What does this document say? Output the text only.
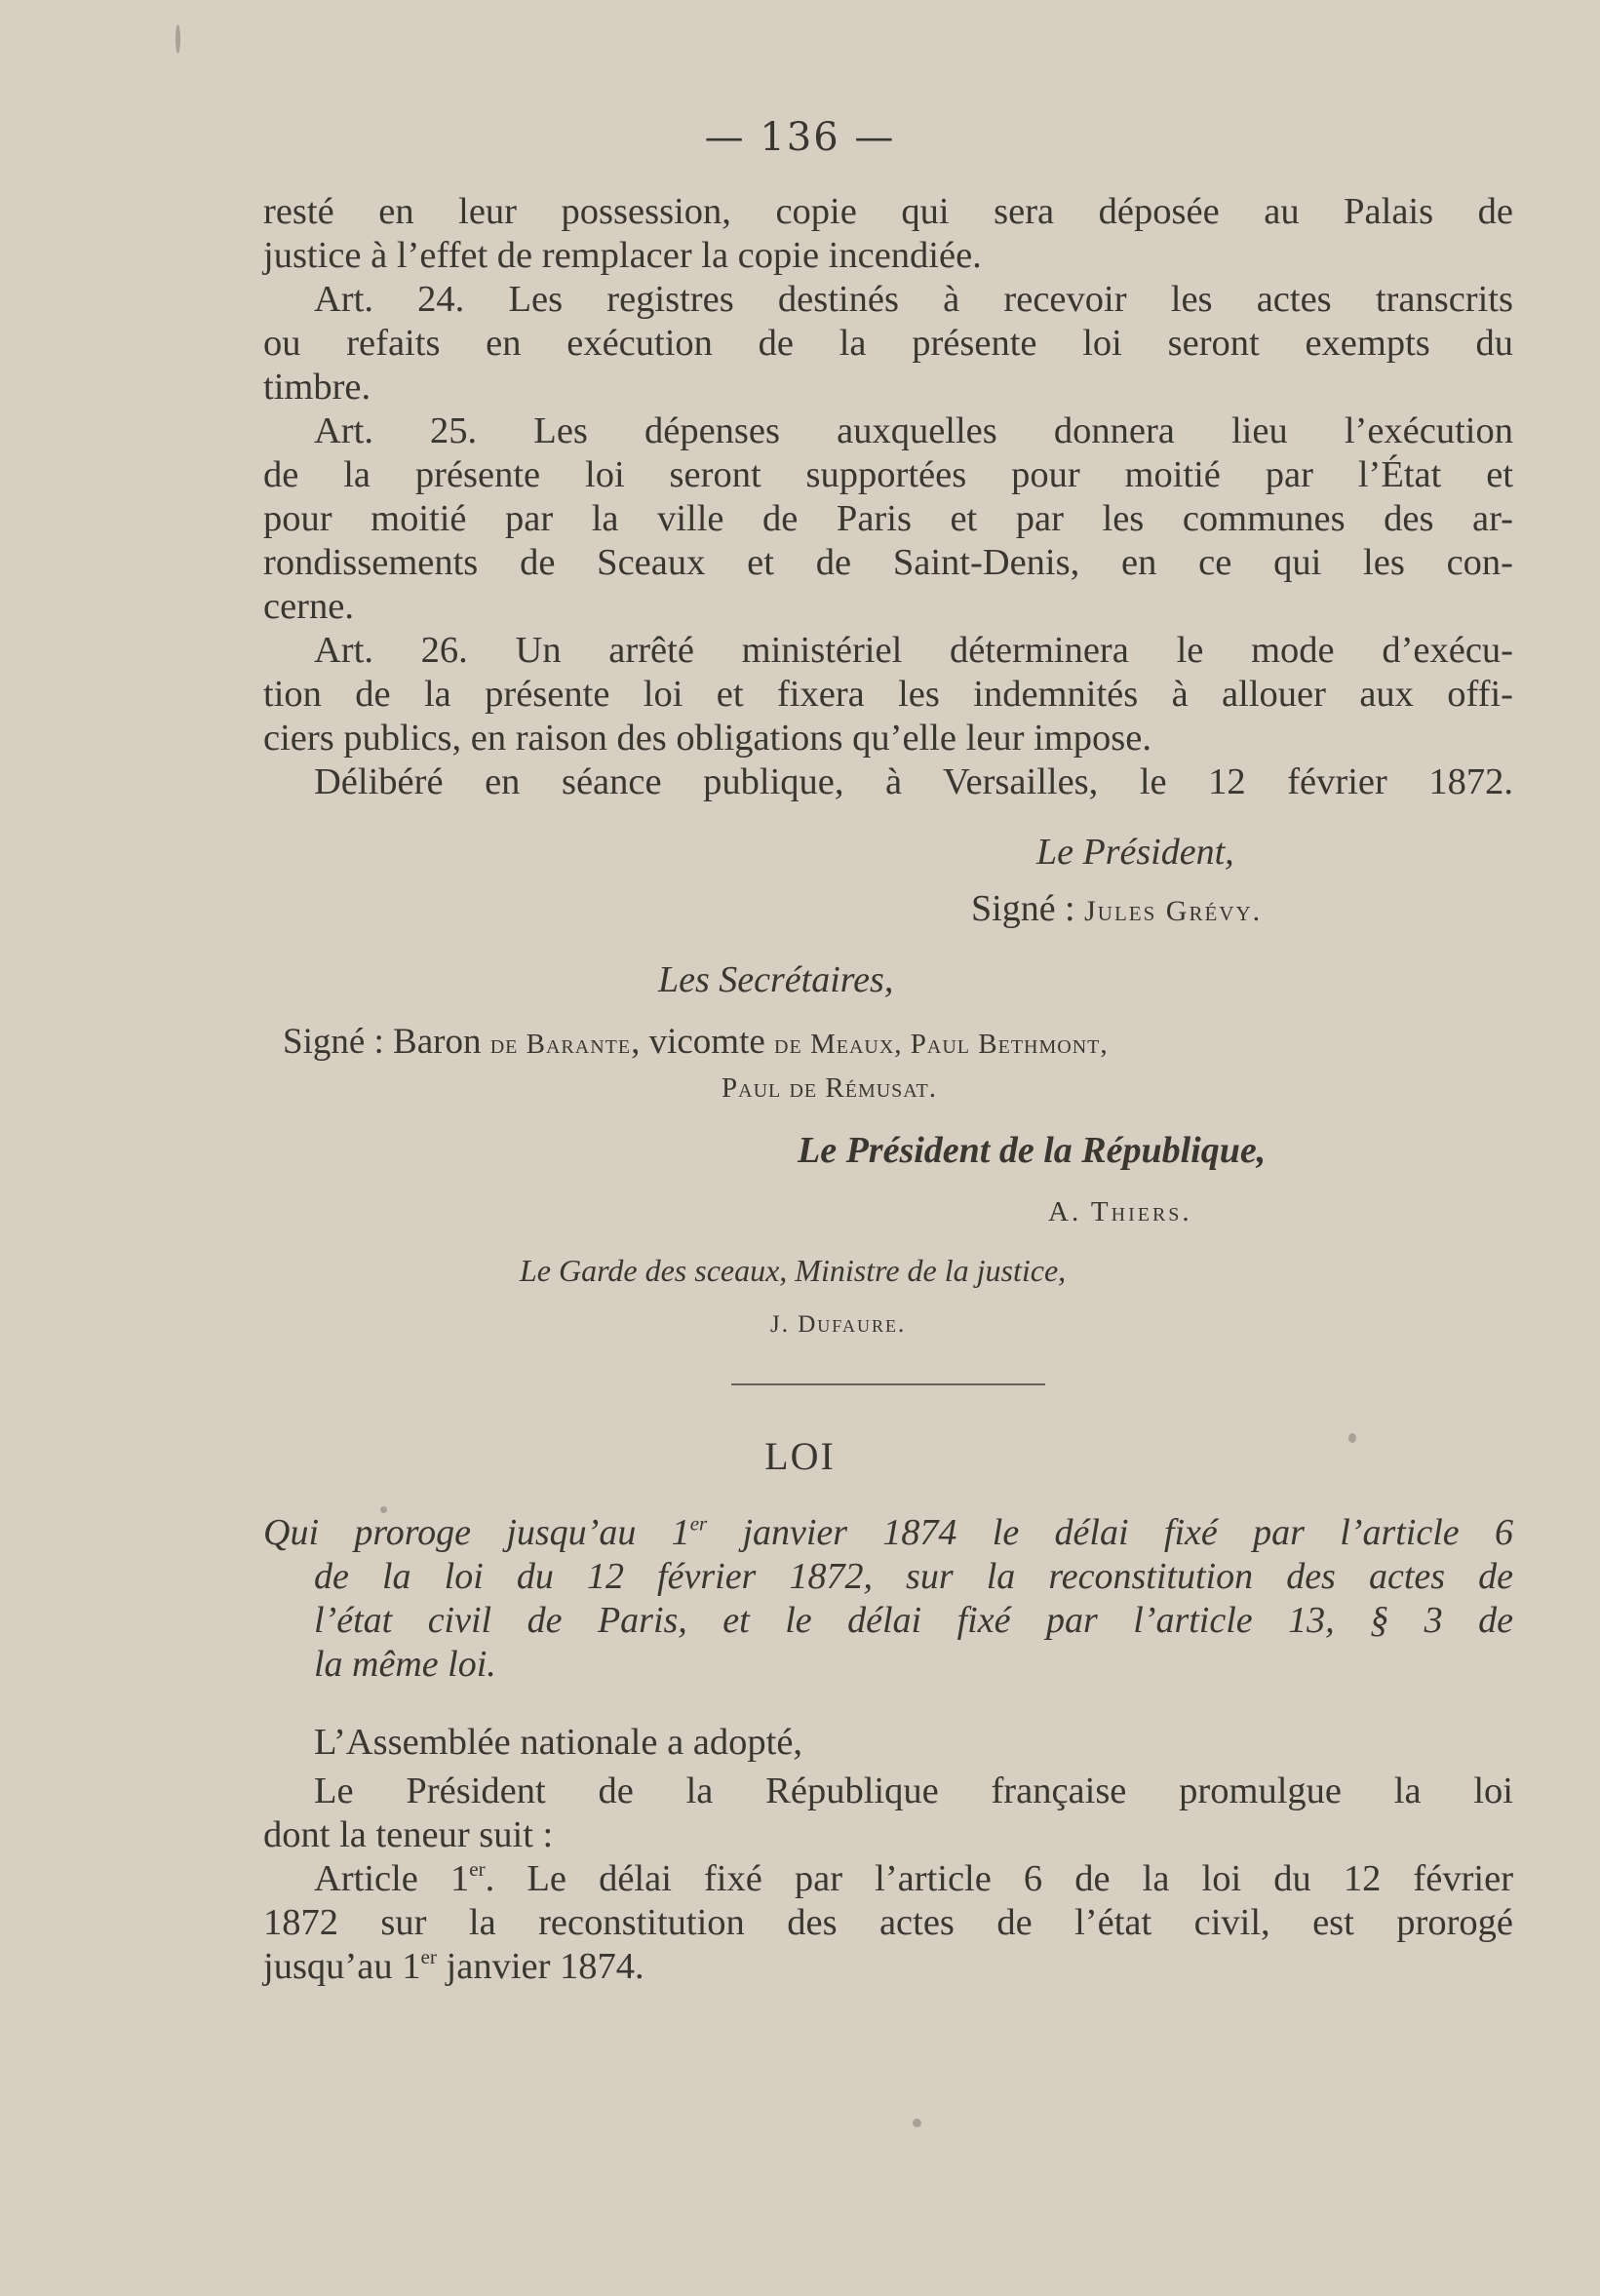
— 136 —
resté en leur possession, copie qui sera déposée au Palais de
justice à l’effet de remplacer la copie incendiée.
Art. 24. Les registres destinés à recevoir les actes transcrits
ou refaits en exécution de la présente loi seront exempts du
timbre.
Art. 25. Les dépenses auxquelles donnera lieu l’exécution
de la présente loi seront supportées pour moitié par l’État et
pour moitié par la ville de Paris et par les communes des ar-
rondissements de Sceaux et de Saint-Denis, en ce qui les con-
cerne.
Art. 26. Un arrêté ministériel déterminera le mode d’exécu-
tion de la présente loi et fixera les indemnités à allouer aux offi-
ciers publics, en raison des obligations qu’elle leur impose.
Délibéré en séance publique, à Versailles, le 12 février 1872.
Le Président,
Signé : Jules Grévy.
Les Secrétaires,
Signé : Baron de Barante, vicomte de Meaux, Paul Bethmont,
Paul de Rémusat.
Le Président de la République,
A. Thiers.
Le Garde des sceaux, Ministre de la justice,
J. Dufaure.
LOI
Qui proroge jusqu’au 1er janvier 1874 le délai fixé par l’article 6
de la loi du 12 février 1872, sur la reconstitution des actes de
l’état civil de Paris, et le délai fixé par l’article 13, § 3 de
la même loi.
L’Assemblée nationale a adopté,
Le Président de la République française promulgue la loi
dont la teneur suit :
Article 1er. Le délai fixé par l’article 6 de la loi du 12 février
1872 sur la reconstitution des actes de l’état civil, est prorogé
jusqu’au 1er janvier 1874.
